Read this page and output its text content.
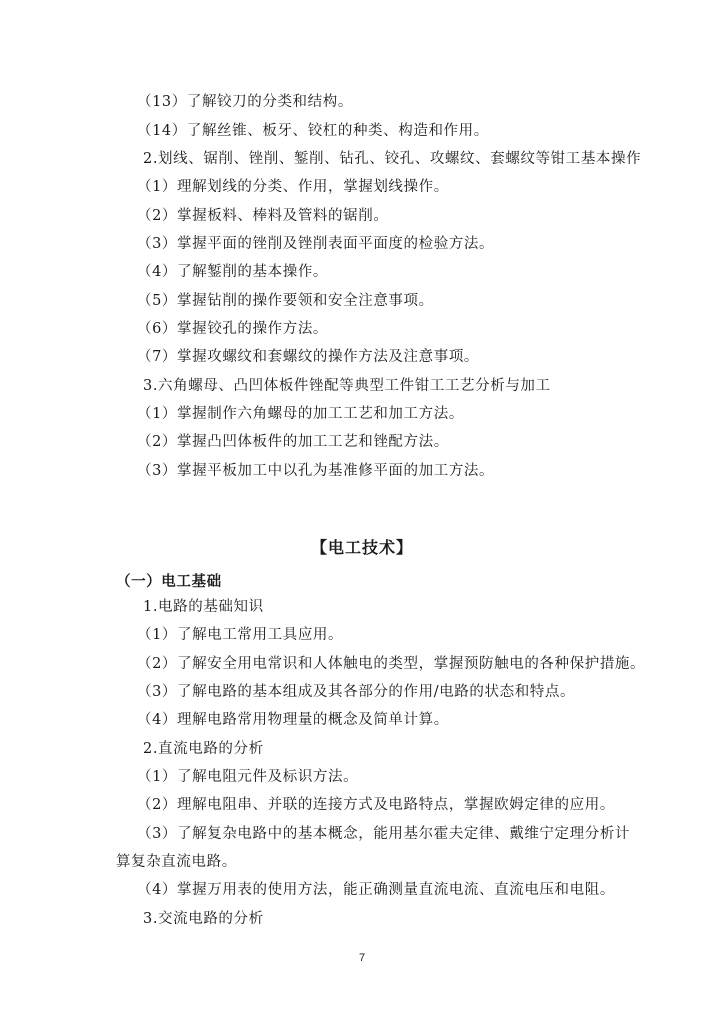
（13）了解铰刀的分类和结构。
（14）了解丝锥、板牙、铰杠的种类、构造和作用。
2.划线、锯削、锉削、錾削、钻孔、铰孔、攻螺纹、套螺纹等钳工基本操作
（1）理解划线的分类、作用，掌握划线操作。
（2）掌握板料、棒料及管料的锯削。
（3）掌握平面的锉削及锉削表面平面度的检验方法。
（4）了解錾削的基本操作。
（5）掌握钻削的操作要领和安全注意事项。
（6）掌握铰孔的操作方法。
（7）掌握攻螺纹和套螺纹的操作方法及注意事项。
3.六角螺母、凸凹体板件锉配等典型工件钳工工艺分析与加工
（1）掌握制作六角螺母的加工工艺和加工方法。
（2）掌握凸凹体板件的加工工艺和锉配方法。
（3）掌握平板加工中以孔为基准修平面的加工方法。
【电工技术】
（一）电工基础
1.电路的基础知识
（1）了解电工常用工具应用。
（2）了解安全用电常识和人体触电的类型，掌握预防触电的各种保护措施。
（3）了解电路的基本组成及其各部分的作用/电路的状态和特点。
（4）理解电路常用物理量的概念及简单计算。
2.直流电路的分析
（1）了解电阻元件及标识方法。
（2）理解电阻串、并联的连接方式及电路特点，掌握欧姆定律的应用。
（3）了解复杂电路中的基本概念，能用基尔霍夫定律、戴维宁定理分析计
算复杂直流电路。
（4）掌握万用表的使用方法，能正确测量直流电流、直流电压和电阻。
3.交流电路的分析
7
